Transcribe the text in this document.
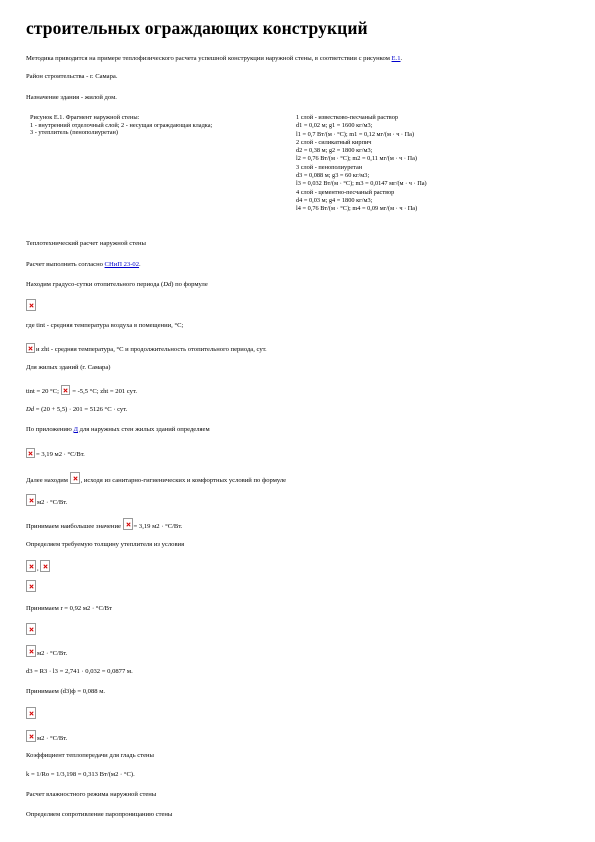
строительных ограждающих конструкций

Методика приводится на примере теплофизического расчета успешной конструкции наружной стены, в соответствии с рисунком Е.1.

Район строительства - г. Самара.

Назначение здания - жилой дом.

Рисунок Е.1. Фрагмент наружной стены:
1 - внутренний отделочный слой; 2 - несущая ограждающая кладка;
3 - утеплитель (пенополиуретан)
1 слой - известково-песчаный раствор
d1 = 0,02 м; g1 = 1600 кг/м3;
l1 = 0,7 Вт/(м · °С); m1 = 0,12 мг/(м · ч · Па)
2 слой - силикатный кирпич
d2 = 0,38 м; g2 = 1800 кг/м3;
l2 = 0,76 Вт/(м · °С); m2 = 0,11 мг/(м · ч · Па)
3 слой - пенополиуретан
d3 = 0,088 м; g3 = 60 кг/м3;
l3 = 0,032 Вт/(м · °С); m3 = 0,0147 мг/(м · ч · Па)
4 слой - цементно-песчаный раствор
d4 = 0,03 м; g4 = 1800 кг/м3;
l4 = 0,76 Вт/(м · °С); m4 = 0,09 мг/(м · ч · Па)

Теплотехнический расчет наружной стены

Расчет выполнить согласно СНиП 23-02.

Находим градусо-сутки отопительного периода (Dd) по формуле

где tint - средняя температура воздуха в помещении, °С;

и zht - средняя температура, °С и продолжительность отопительного периода, сут.

Для жилых зданий (г. Самара)

tint = 20 °С;  = -5,5 °С; zht = 201 сут.

Dd = (20 + 5,5) · 201 = 5126 °С · сут.

По приложению Д для наружных стен жилых зданий определяем

= 3,19 м2 · °С/Вт.

Далее находим , исходя из санитарно-гигиенических и комфортных условий по формуле

м2 · °С/Вт.

Принимаем наибольшее значение = 3,19 м2 · °С/Вт.

Определяем требуемую толщину утеплителя из условия

,

Принимаем r = 0,92 м2 · °С/Вт

м2 · °С/Вт.

d3 = R3 · l3 = 2,741 · 0,032 = 0,0877 м.

Принимаем (d3)ф = 0,088 м.

м2 · °С/Вт.

Коэффициент теплопередачи для гладь стены

k = 1/Ro = 1/3,198 = 0,313 Вт/(м2 · °С).

Расчет влажностного режима наружной стены

Определяем сопротивление паропроницанию стены
